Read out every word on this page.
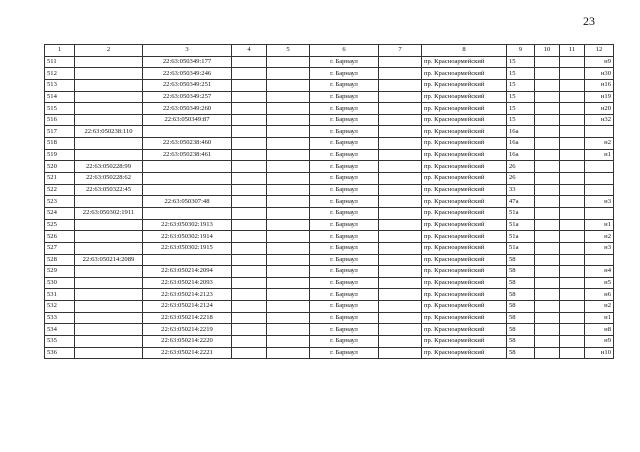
23
1	2	3	4	5	6	7	8	9	10	11	12
511		22:63:050349:177			г. Барнаул		пр. Красноармейский	15			н9
512		22:63:050349:246			г. Барнаул		пр. Красноармейский	15			н30
513		22:63:050349:251			г. Барнаул		пр. Красноармейский	15			н16
514		22:63:050349:257			г. Барнаул		пр. Красноармейский	15			н19
515		22:63:050349:260			г. Барнаул		пр. Красноармейский	15			н20
516		22:63:050349:87			г. Барнаул		пр. Красноармейский	15			н32
517	22:63:050238:110				г. Барнаул		пр. Красноармейский	16а			
518		22:63:050238:460			г. Барнаул		пр. Красноармейский	16а			н2
519		22:63:050238:461			г. Барнаул		пр. Красноармейский	16а			н1
520	22:63:050228:99				г. Барнаул		пр. Красноармейский	26			
521	22:63:050228:62				г. Барнаул		пр. Красноармейский	26			
522	22:63:050322:45				г. Барнаул		пр. Красноармейский	33			
523		22:63:050307:48			г. Барнаул		пр. Красноармейский	47а			н3
524	22:63:050302:1911				г. Барнаул		пр. Красноармейский	51а			
525		22:63:050302:1913			г. Барнаул		пр. Красноармейский	51а			н1
526		22:63:050302:1914			г. Барнаул		пр. Красноармейский	51а			н2
527		22:63:050302:1915			г. Барнаул		пр. Красноармейский	51а			н3
528	22:63:050214:2089				г. Барнаул		пр. Красноармейский	58			
529		22:63:050214:2094			г. Барнаул		пр. Красноармейский	58			н4
530		22:63:050214:2093			г. Барнаул		пр. Красноармейский	58			н5
531		22:63:050214:2123			г. Барнаул		пр. Красноармейский	58			н6
532		22:63:050214:2124			г. Барнаул		пр. Красноармейский	58			н2
533		22:63:050214:2218			г. Барнаул		пр. Красноармейский	58			н1
534		22:63:050214:2219			г. Барнаул		пр. Красноармейский	58			н8
535		22:63:050214:2220			г. Барнаул		пр. Красноармейский	58			н9
536		22:63:050214:2221			г. Барнаул		пр. Красноармейский	58			н10
